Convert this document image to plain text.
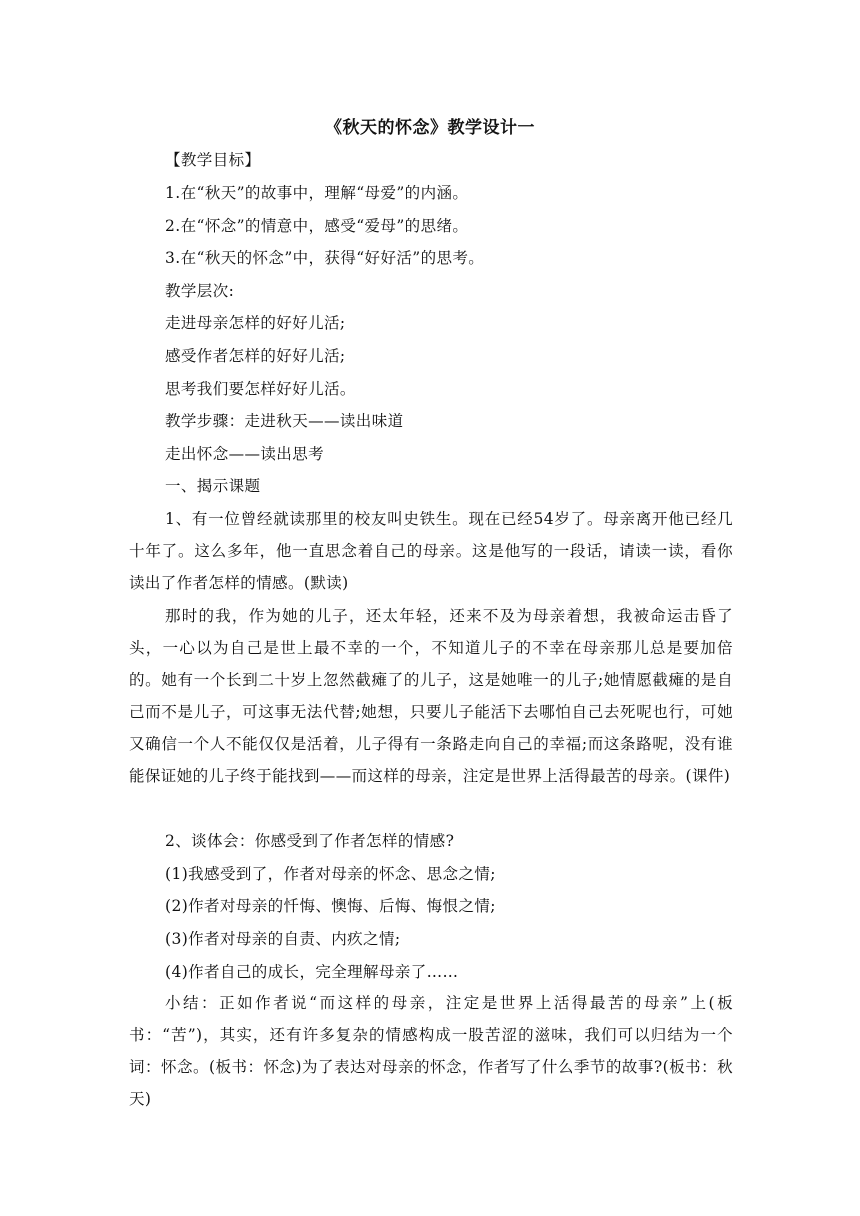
《秋天的怀念》教学设计一
【教学目标】
1.在“秋天”的故事中，理解“母爱”的内涵。
2.在“怀念”的情意中，感受“爱母”的思绪。
3.在“秋天的怀念”中，获得“好好活”的思考。
教学层次:
走进母亲怎样的好好儿活;
感受作者怎样的好好儿活;
思考我们要怎样好好儿活。
教学步骤：走进秋天——读出味道
走出怀念——读出思考
一、揭示课题
1、有一位曾经就读那里的校友叫史铁生。现在已经54岁了。母亲离开他已经几十年了。这么多年，他一直思念着自己的母亲。这是他写的一段话，请读一读，看你读出了作者怎样的情感。(默读)
那时的我，作为她的儿子，还太年轻，还来不及为母亲着想，我被命运击昏了头，一心以为自己是世上最不幸的一个，不知道儿子的不幸在母亲那儿总是要加倍的。她有一个长到二十岁上忽然截瘫了的儿子，这是她唯一的儿子;她情愿截瘫的是自己而不是儿子，可这事无法代替;她想，只要儿子能活下去哪怕自己去死呢也行，可她又确信一个人不能仅仅是活着，儿子得有一条路走向自己的幸福;而这条路呢，没有谁能保证她的儿子终于能找到——而这样的母亲，注定是世界上活得最苦的母亲。(课件)
2、谈体会：你感受到了作者怎样的情感?
(1)我感受到了，作者对母亲的怀念、思念之情;
(2)作者对母亲的忏悔、懊悔、后悔、悔恨之情;
(3)作者对母亲的自责、内疚之情;
(4)作者自己的成长，完全理解母亲了……
小结：正如作者说“而这样的母亲，注定是世界上活得最苦的母亲”上(板书：“苦”)，其实，还有许多复杂的情感构成一股苦涩的滋味，我们可以归结为一个词：怀念。(板书：怀念)为了表达对母亲的怀念，作者写了什么季节的故事?(板书：秋天)
